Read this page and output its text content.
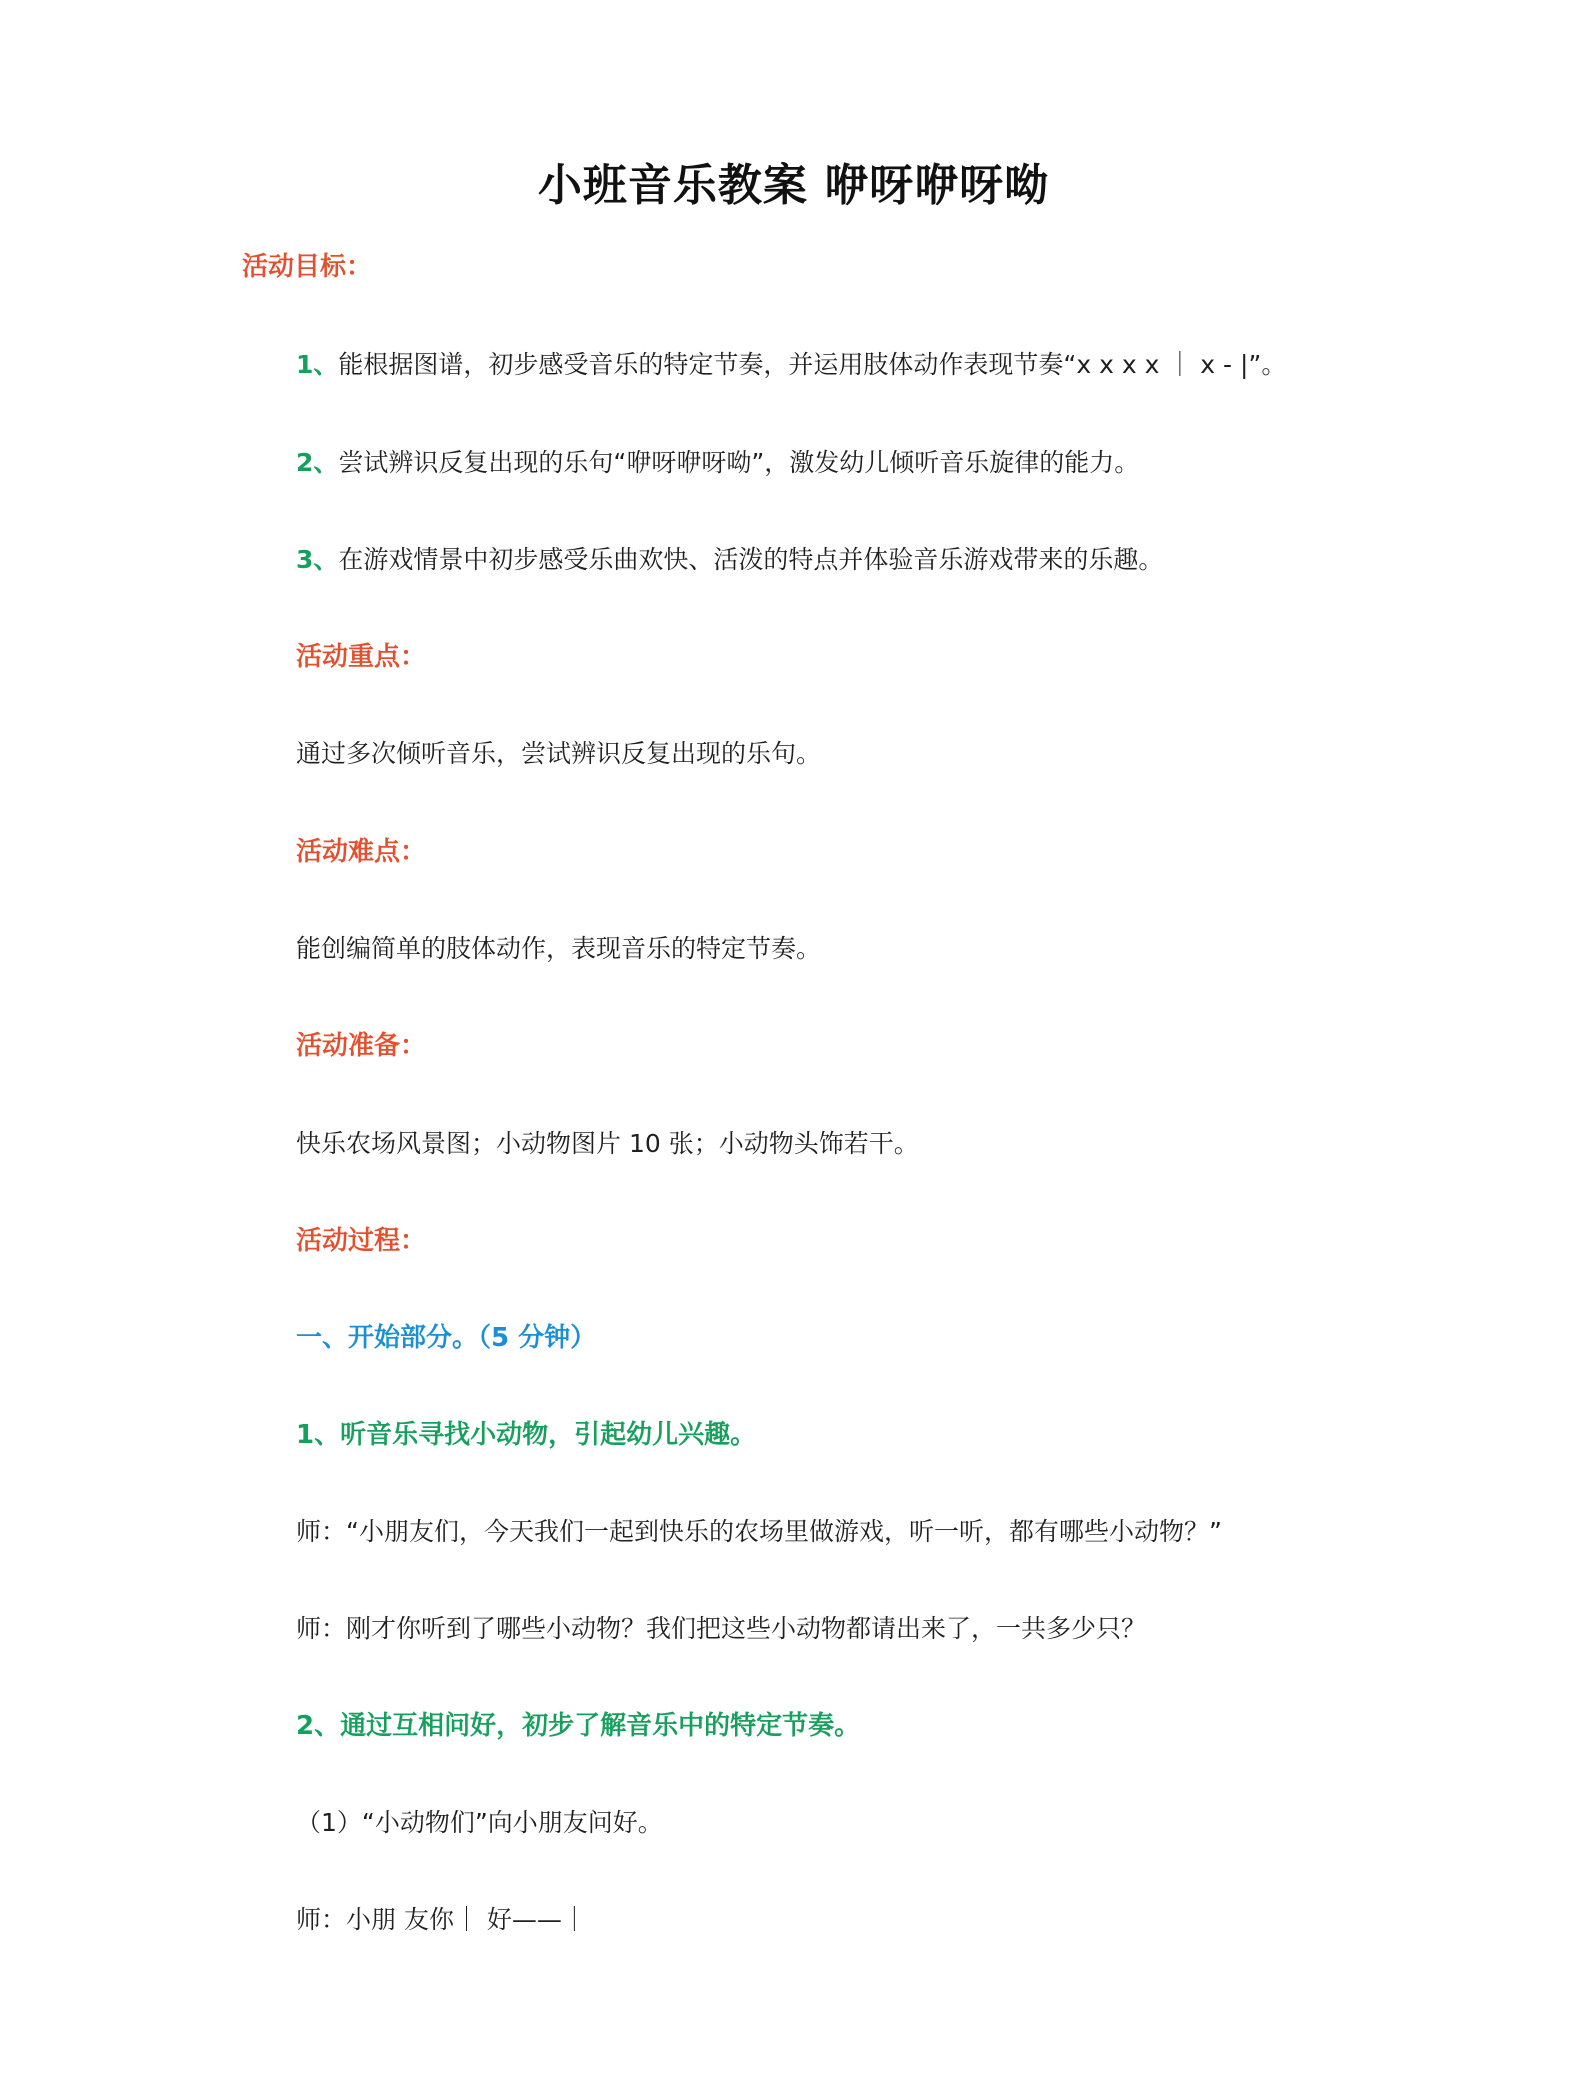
小班音乐教案 咿呀咿呀呦
活动目标：
1、能根据图谱，初步感受音乐的特定节奏，并运用肢体动作表现节奏“x x x x ｜ x - |”。
2、尝试辨识反复出现的乐句“咿呀咿呀呦”，激发幼儿倾听音乐旋律的能力。
3、在游戏情景中初步感受乐曲欢快、活泼的特点并体验音乐游戏带来的乐趣。
活动重点：
通过多次倾听音乐，尝试辨识反复出现的乐句。
活动难点：
能创编简单的肢体动作，表现音乐的特定节奏。
活动准备：
快乐农场风景图；小动物图片 10 张；小动物头饰若干。
活动过程：
一、开始部分。（5 分钟）
1、听音乐寻找小动物，引起幼儿兴趣。
师：“小朋友们，今天我们一起到快乐的农场里做游戏，听一听，都有哪些小动物？”
师：刚才你听到了哪些小动物？我们把这些小动物都请出来了，一共多少只？
2、通过互相问好，初步了解音乐中的特定节奏。
（1）“小动物们”向小朋友问好。
师：小朋 友你｜ 好——｜
